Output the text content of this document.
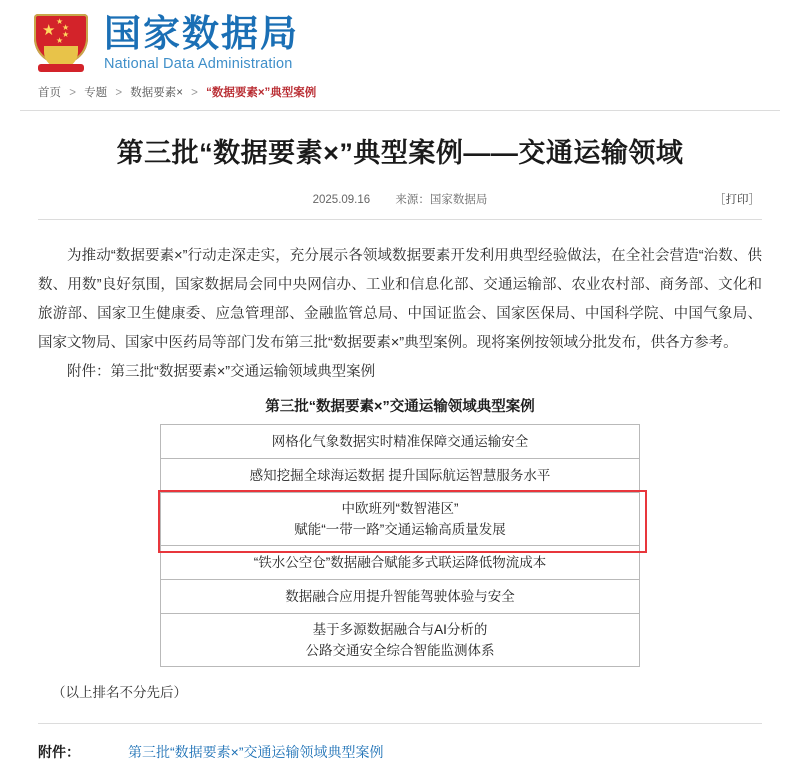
★
★
★
★
★ 国家数据局
National Data Administration
首页 > 专题 > 数据要素× > “数据要素×”典型案例
第三批“数据要素×”典型案例——交通运输领域
2025.09.16 来源：国家数据局	［打印］

为推动“数据要素×”行动走深走实，充分展示各领域数据要素开发利用典型经验做法，在全社会营造“治数、供数、用数”良好氛围，国家数据局会同中央网信办、工业和信息化部、交通运输部、农业农村部、商务部、文化和旅游部、国家卫生健康委、应急管理部、金融监管总局、中国证监会、国家医保局、中国科学院、中国气象局、国家文物局、国家中医药局等部门发布第三批“数据要素×”典型案例。现将案例按领域分批发布，供各方参考。

附件：第三批“数据要素×”交通运输领域典型案例

第三批“数据要素×”交通运输领域典型案例
网格化气象数据实时精准保障交通运输安全
感知挖掘全球海运数据 提升国际航运智慧服务水平

中欧班列“数智港区”
赋能“一带一路”交通运输高质量发展

“铁水公空仓”数据融合赋能多式联运降低物流成本
数据融合应用提升智能驾驶体验与安全

基于多源数据融合与AI分析的
公路交通安全综合智能监测体系
（以上排名不分先后）
附件：	第三批“数据要素×”交通运输领域典型案例
